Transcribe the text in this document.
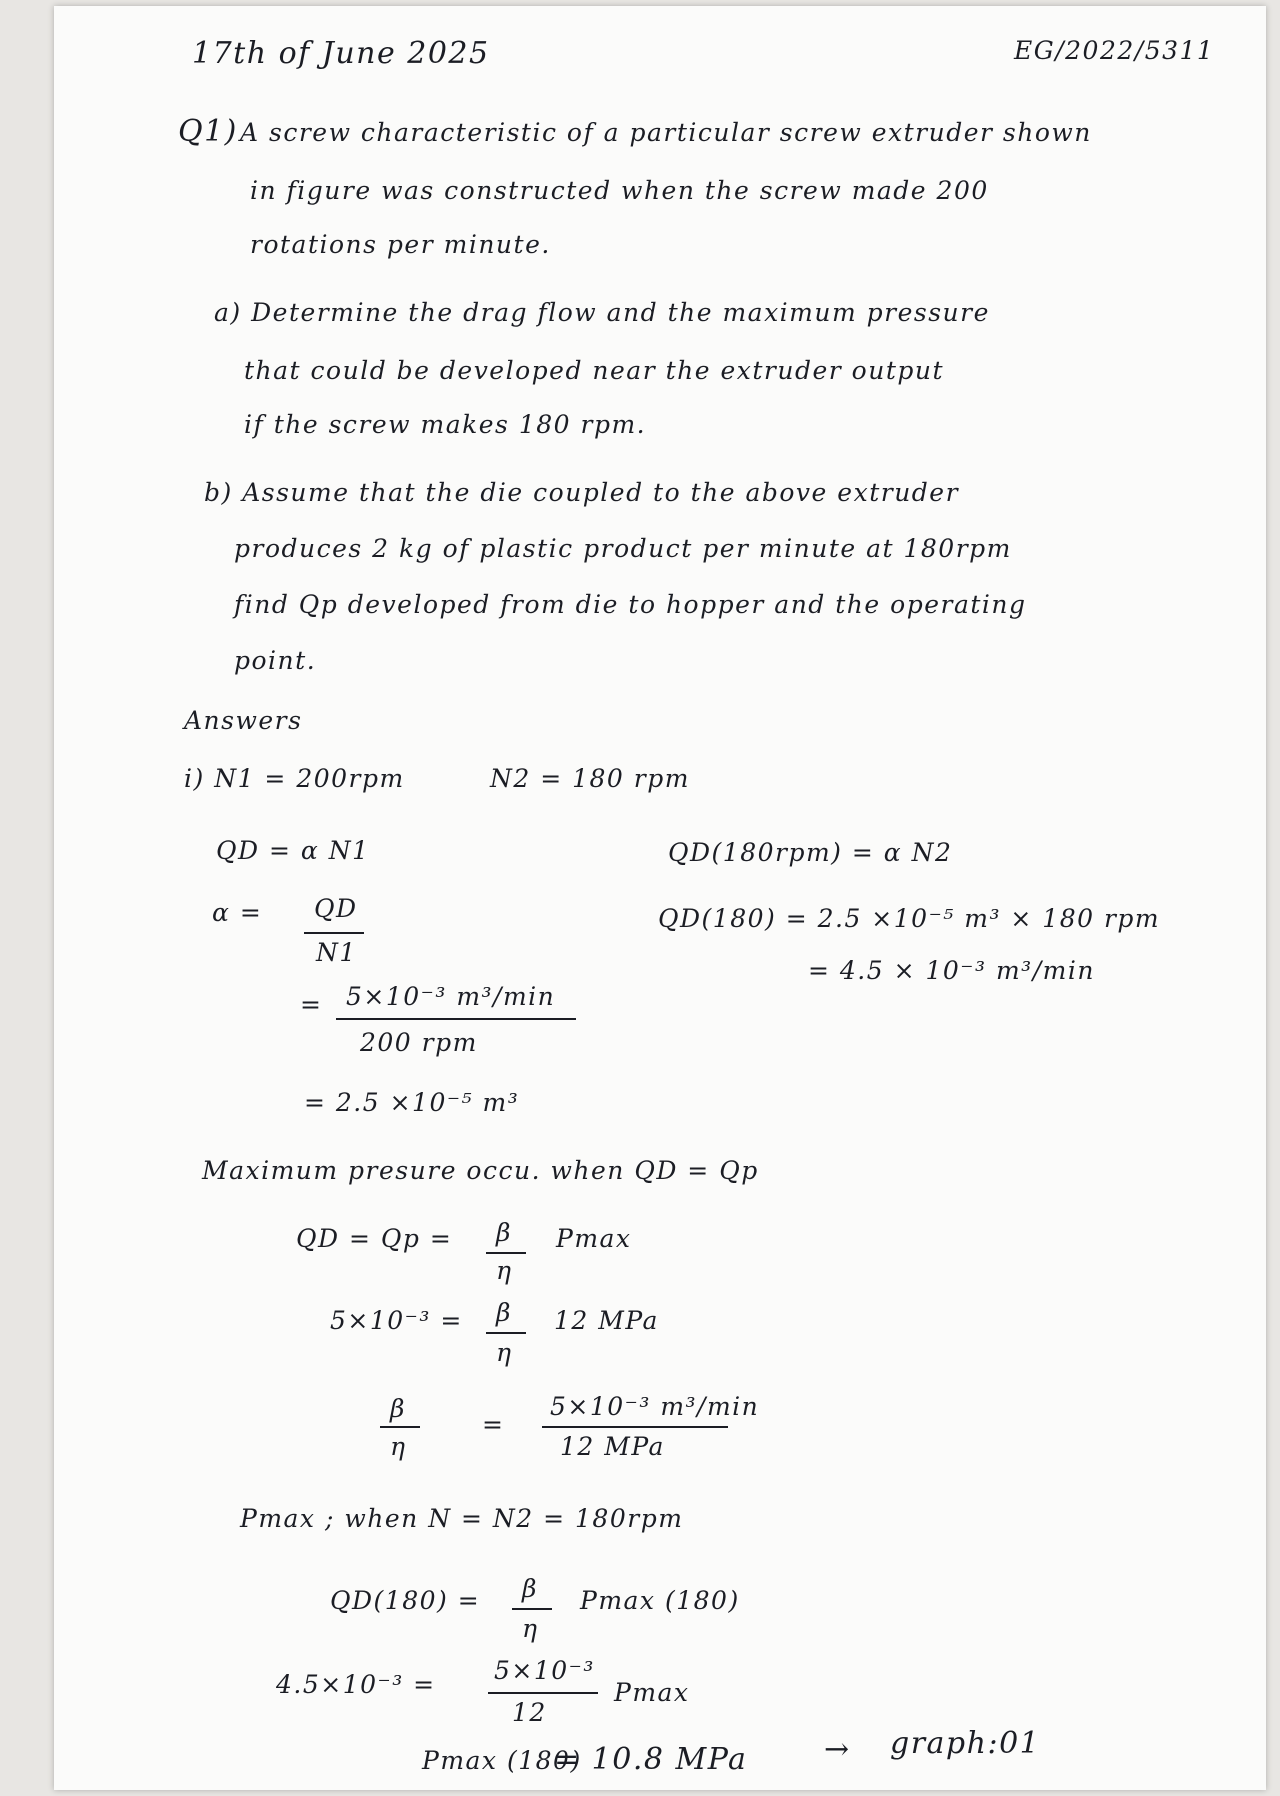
17th of June 2025	EG/2022/5311
Q1) A screw characteristic of a particular screw extruder shown
in figure was constructed when the screw made 200
rotations per minute.
a) Determine the drag flow and the maximum pressure
that could be developed near the extruder output
if the screw makes 180 rpm.
b) Assume that the die coupled to the above extruder
produces 2 kg of plastic product per minute at 180rpm
find Qp developed from die to hopper and the operating
point.
Answers
i) N1 = 200rpm	N2 = 180 rpm
QD = α N1
α = QD
N1
= 5×10⁻³ m³/min
200 rpm
= 2.5 ×10⁻⁵ m³
QD(180rpm) = α N2
QD(180) = 2.5 ×10⁻⁵ m³ × 180 rpm
= 4.5 × 10⁻³ m³/min
Maximum presure occu. when QD = Qp
QD = Qp = β
η
Pmax
5×10⁻³ = β
η
12 MPa
β
η
=
5×10⁻³ m³/min
12 MPa
Pmax ; when N = N2 = 180rpm
QD(180) = β
η
Pmax (180)
4.5×10⁻³ = 5×10⁻³
12
Pmax
Pmax (180)
= 10.8 MPa	→ graph:01
